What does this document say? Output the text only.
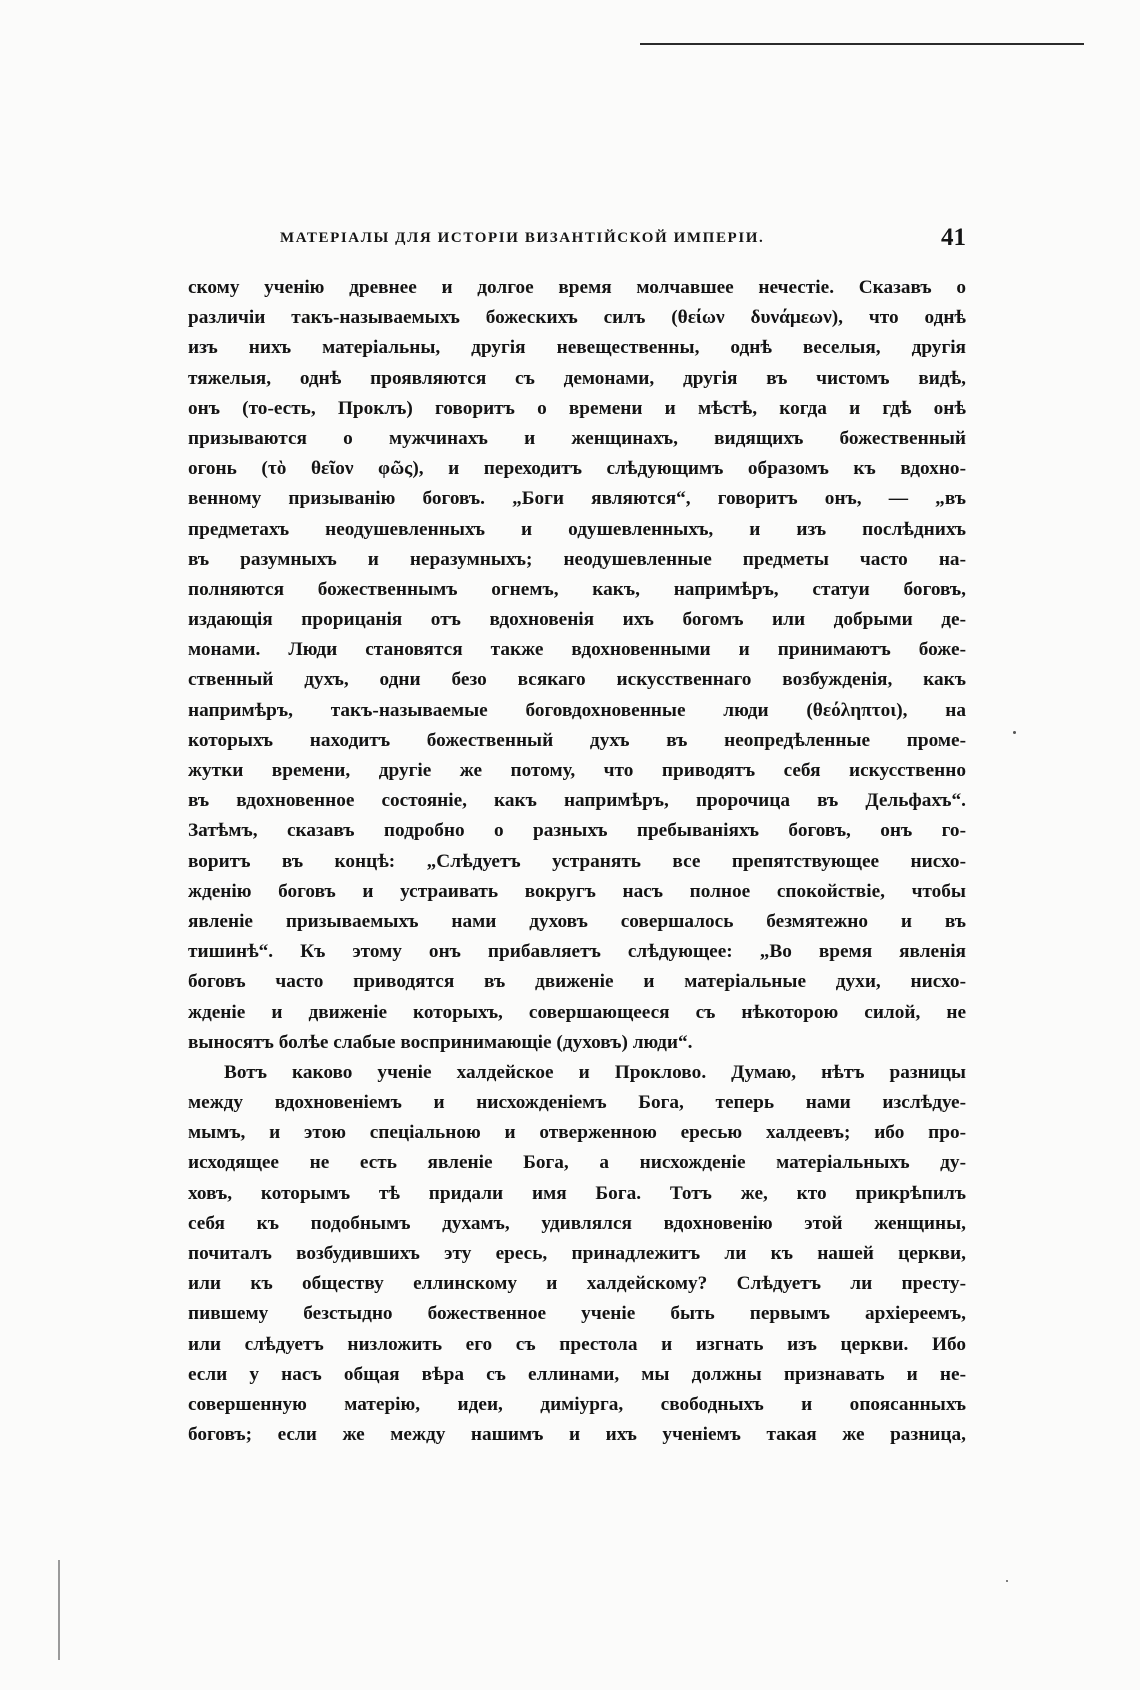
МАТЕРІАЛЫ ДЛЯ ИСТОРІИ ВИЗАНТІЙСКОЙ ИМПЕРІИ.	41
скому ученію древнее и долгое время молчавшее нечестіе. Сказавъ о
различіи такъ-называемыхъ божескихъ силъ (θείων δυνάμεων), что однѣ
изъ нихъ матеріальны, другія невещественны, однѣ веселыя, другія
тяжелыя, однѣ проявляются съ демонами, другія въ чистомъ видѣ,
онъ (то-есть, Проклъ) говоритъ о времени и мѣстѣ, когда и гдѣ онѣ
призываются о мужчинахъ и женщинахъ, видящихъ божественный
огонь (τὸ θεῖον φῶς), и переходитъ слѣдующимъ образомъ къ вдохно-
венному призыванію боговъ. „Боги являются“, говоритъ онъ, — „въ
предметахъ неодушевленныхъ и одушевленныхъ, и изъ послѣднихъ
въ разумныхъ и неразумныхъ; неодушевленные предметы часто на-
полняются божественнымъ огнемъ, какъ, напримѣръ, статуи боговъ,
издающія прорицанія отъ вдохновенія ихъ богомъ или добрыми де-
монами. Люди становятся также вдохновенными и принимаютъ боже-
ственный духъ, одни безо всякаго искусственнаго возбужденія, какъ
напримѣръ, такъ-называемые боговдохновенные люди (θεόληπτοι), на
которыхъ находитъ божественный духъ въ неопредѣленные проме-
жутки времени, другіе же потому, что приводятъ себя искусственно
въ вдохновенное состояніе, какъ напримѣръ, пророчица въ Дельфахъ“.
Затѣмъ, сказавъ подробно о разныхъ пребываніяхъ боговъ, онъ го-
воритъ въ концѣ: „Слѣдуетъ устранять все препятствующее нисхо-
жденію боговъ и устраивать вокругъ насъ полное спокойствіе, чтобы
явленіе призываемыхъ нами духовъ совершалось безмятежно и въ
тишинѣ“. Къ этому онъ прибавляетъ слѣдующее: „Во время явленія
боговъ часто приводятся въ движеніе и матеріальные духи, нисхо-
жденіе и движеніе которыхъ, совершающееся съ нѣкоторою силой, не
выносятъ болѣе слабые воспринимающіе (духовъ) люди“.
Вотъ каково ученіе халдейское и Прокловo. Думаю, нѣтъ разницы
между вдохновеніемъ и нисхожденіемъ Бога, теперь нами изслѣдуе-
мымъ, и этою спеціальною и отверженною ересью халдеевъ; ибо про-
исходящее не есть явленіе Бога, а нисхожденіе матеріальныхъ ду-
ховъ, которымъ тѣ придали имя Бога. Тотъ же, кто прикрѣпилъ
себя къ подобнымъ духамъ, удивлялся вдохновенію этой женщины,
почиталъ возбудившихъ эту ересь, принадлежитъ ли къ нашей церкви,
или къ обществу еллинскому и халдейскому? Слѣдуетъ ли престу-
пившему безстыдно божественное ученіе быть первымъ архіереемъ,
или слѣдуетъ низложить его съ престола и изгнать изъ церкви. Ибо
если у насъ общая вѣра съ еллинами, мы должны признавать и не-
совершенную матерію, идеи, диміурга, свободныхъ и опоясанныхъ
боговъ; если же между нашимъ и ихъ ученіемъ такая же разница,
